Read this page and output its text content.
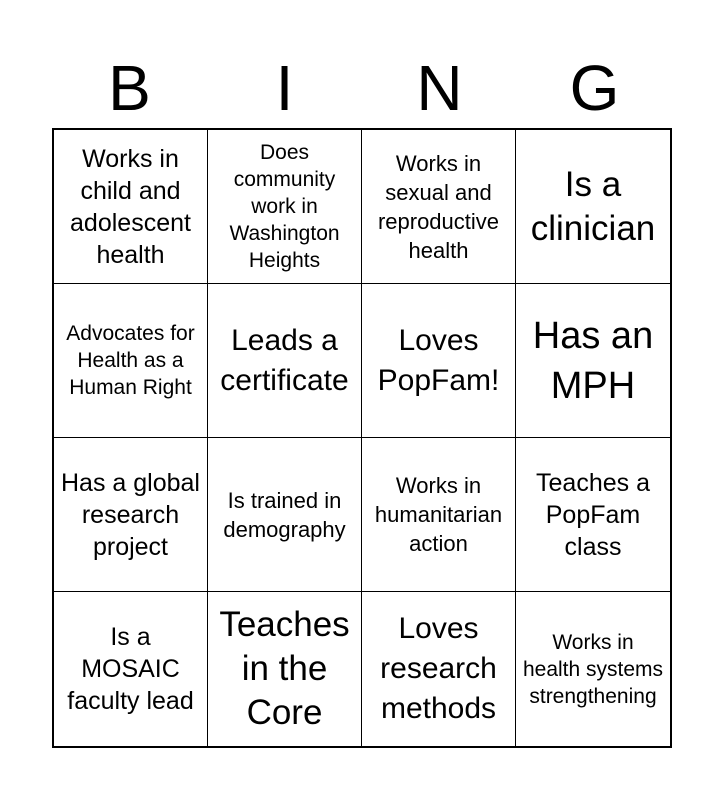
B	I	N	G
Works in child and adolescent health
Does community work in Washington Heights
Works in sexual and reproductive health
Is a clinician
Advocates for Health as a Human Right
Leads a certificate
Loves PopFam!
Has an MPH
Has a global research project
Is trained in demography
Works in humanitarian action
Teaches a PopFam class
Is a MOSAIC faculty lead
Teaches in the Core
Loves research methods
Works in health systems strengthening
